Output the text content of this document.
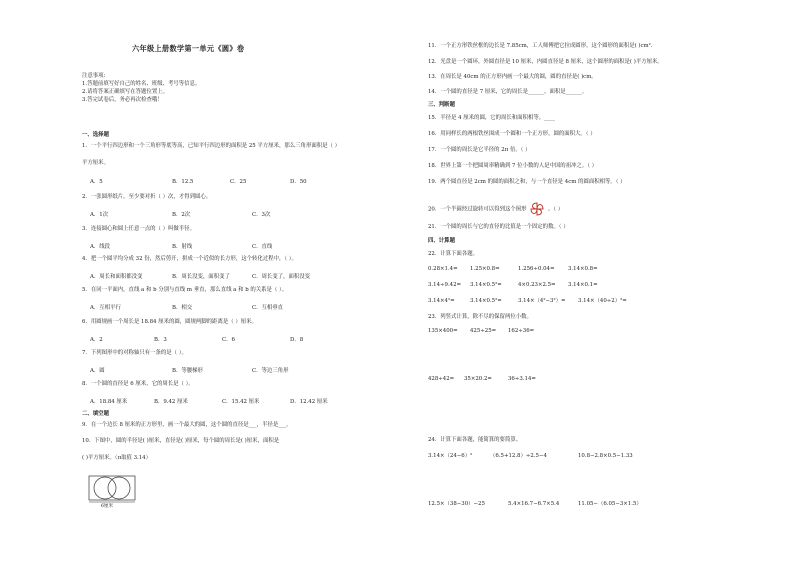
六年级上册数学第一单元《圆》卷
注意事项:
1.答题前填写好自己的姓名、班级、考号等信息。
2.请将答案正确填写在答题位置上。
3.答完试卷后，务必再次检查哦！
一、选择题
1．一个平行四边形和一个三角形等底等高，已知平行四边形的面积是 25 平方厘米，那么三角形面积是（ ）
平方厘米。
A．5	B．12.5	C．25	D．50
2．一张圆形纸片，至少要对折（ ）次，才得到圆心。
A．1次	B．2次	C．3次
3．连接圆心和圆上任意一点的（ ）叫做半径。
A．线段	B．射线	C．直线
4．把一个圆平均分成 32 份，然后剪开，拼成一个近似的长方形，这个转化过程中，（ ）。
A．周长和面积都没变	B．周长没变，面积变了	C．周长变了，面积没变
5．在同一平面内，直线 a 和 b 分别与直线 m 垂直，那么直线 a 和 b 的关系是（ ）。
A．互相平行	B．相交	C．互相垂直
6．用圆规画一个周长是 18.84 厘米的圆，圆规两脚的距离是（ ）厘米。
A．2	B．3	C．6	D．8
7．下列图形中的对称轴只有一条的是（ ）。
A．圆	B．等腰梯形	C．等边三角形
8．一个圆的直径是 6 厘米，它的周长是（ ）。
A．18.84 厘米	B．9.42 厘米	C．15.42 厘米	D．12.42 厘米
二、填空题
9．在一个边长 8 厘米的正方形里，画一个最大的圆，这个圆的直径是___，半径是___。
10．下图中，圆的半径是( )厘米，直径是( )厘米，每个圆的周长是( )厘米，面积是
( )平方厘米。（π取值 3.14）
6厘米
11．一个正方形铁丝框的边长是 7.85cm，工人师傅把它拉成圆形，这个圆形的面积是( )cm².
12．光盘是一个圆环，外圆直径是 10 厘米，内圆直径是 8 厘米，这个圆形的面积是( )平方厘米。
13．在周长是 40cm 的正方形内画一个最大的圆，圆的直径是( )cm。
14．一个圆的直径是 7 厘米，它的周长是______，面积是______。
三、判断题
15．半径是 4 厘米的圆，它的周长和面积相等。____
16．用同样长的两根铁丝围成一个圆和一个正方形，圆的面积大。（ ）
17．一个圆的周长是它半径的 2π 倍。（ ）
18．世界上第一个把圆周率精确到 7 位小数的人是中国的祖冲之。（ ）
19．两个圆直径是 2cm 的圆的面积之和，与一个直径是 4cm 的圆面积相等。（ ）
20．一个半圆经过旋转可以得到这个图形	。（ ）
21．一个圆的周长与它的直径的比值是一个固定的数。（ ）
四、计算题
22．计算下面各题。
0.28×1.4= 1.25×0.8=	1.256÷0.04=	3.14×0.8=
3.14÷9.42= 3.14×0.5²=	4×0.23×2.5= 3.14×0.1=
3.14×4²=	3.14×0.5²=	3.14×（4²−3²）= 3.14×（40÷2）²=
23．列竖式计算，除不尽的保留两位小数。
135×400= 425÷25= 162÷36=
428÷42= 35×20.2=	36÷3.14=
24．计算下面各题，能简算的要简算。
3.14×（24−6）²	（6.5+12.8）÷2.5−4	10.8−2.8×0.5−1.33
12.5×（38−30）−25	5.4×16.7−6.7×5.4	11.05−（6.05−3×1.5）
